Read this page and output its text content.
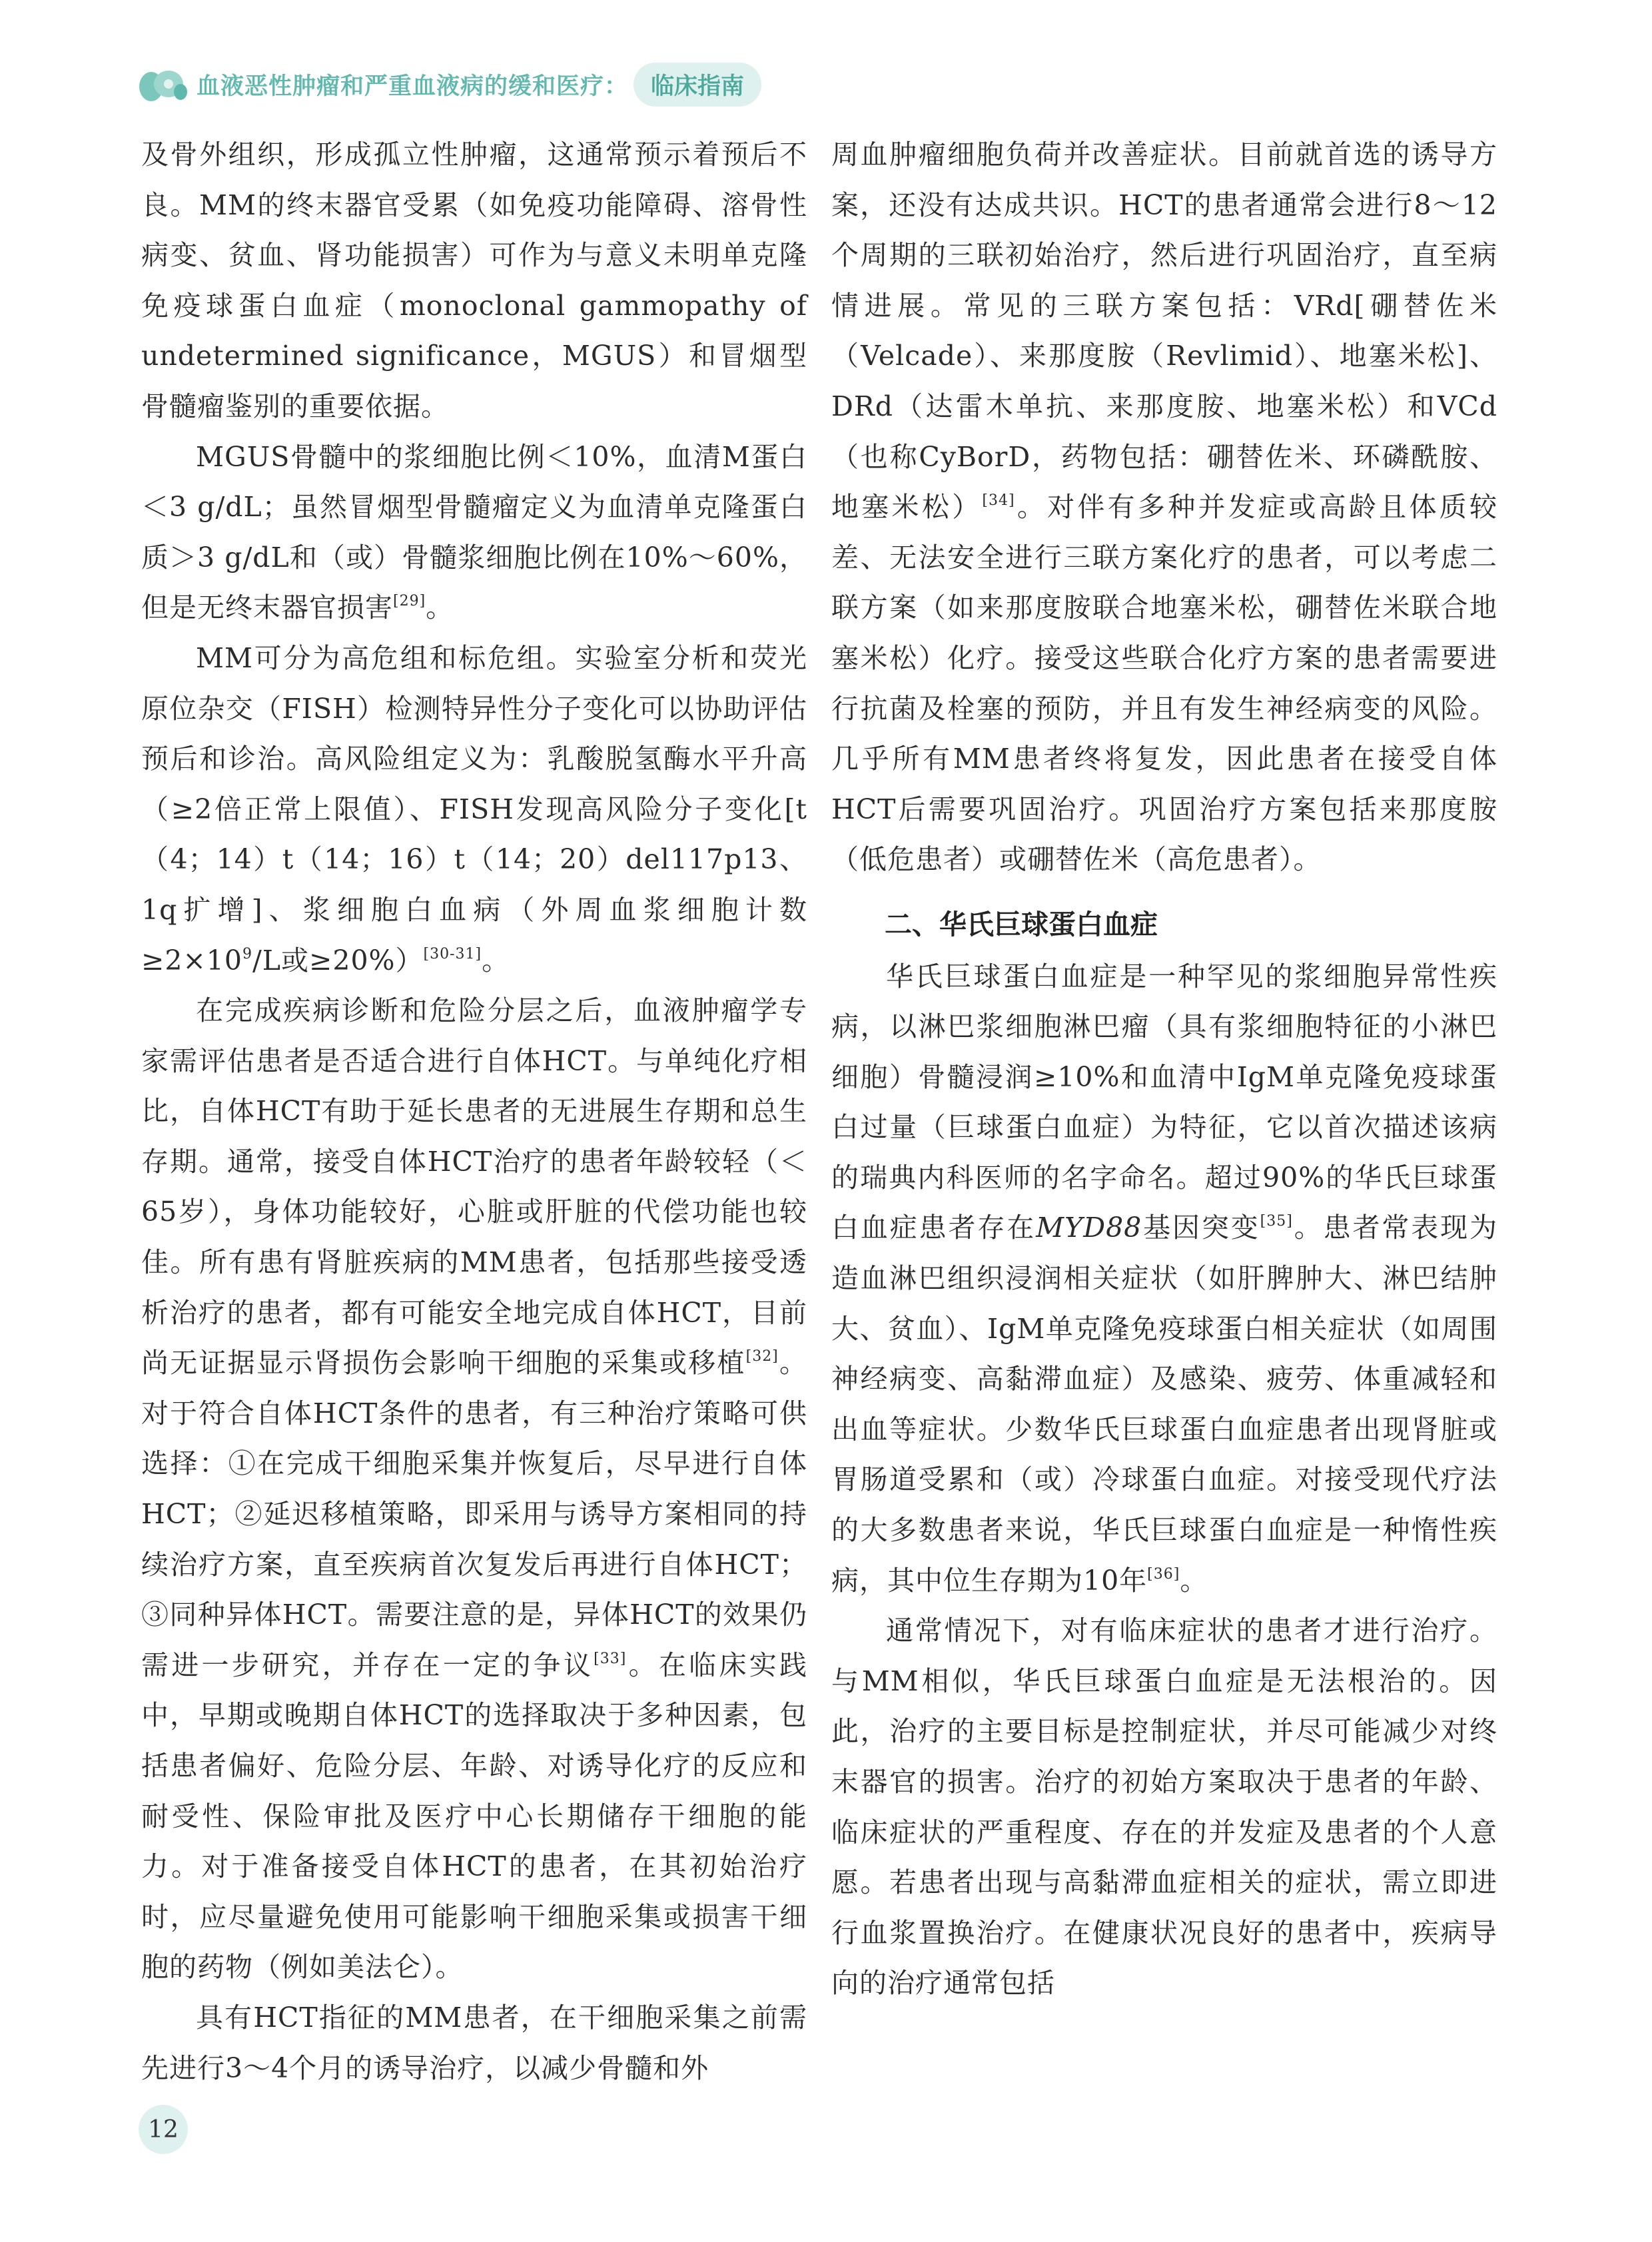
血液恶性肿瘤和严重血液病的缓和医疗： 临床指南

及骨外组织，形成孤立性肿瘤，这通常预示着预后不良。MM的终末器官受累（如免疫功能障碍、溶骨性病变、贫血、肾功能损害）可作为与意义未明单克隆免疫球蛋白血症（monoclonal gammopathy of undetermined significance，MGUS）和冒烟型骨髓瘤鉴别的重要依据。

MGUS骨髓中的浆细胞比例＜10%，血清M蛋白＜3 g/dL；虽然冒烟型骨髓瘤定义为血清单克隆蛋白质＞3 g/dL和（或）骨髓浆细胞比例在10%～60%，但是无终末器官损害[29]。

MM可分为高危组和标危组。实验室分析和荧光原位杂交（FISH）检测特异性分子变化可以协助评估预后和诊治。高风险组定义为：乳酸脱氢酶水平升高（≥2倍正常上限值）、FISH发现高风险分子变化[t（4；14）t（14；16）t（14；20）del117p13、1q扩增]、浆细胞白血病（外周血浆细胞计数$\ge 2\times 10^9/L$或≥20%）[30-31]。

在完成疾病诊断和危险分层之后，血液肿瘤学专家需评估患者是否适合进行自体HCT。与单纯化疗相比，自体HCT有助于延长患者的无进展生存期和总生存期。通常，接受自体HCT治疗的患者年龄较轻（＜65岁），身体功能较好，心脏或肝脏的代偿功能也较佳。所有患有肾脏疾病的MM患者，包括那些接受透析治疗的患者，都有可能安全地完成自体HCT，目前尚无证据显示肾损伤会影响干细胞的采集或移植[32]。对于符合自体HCT条件的患者，有三种治疗策略可供选择：①在完成干细胞采集并恢复后，尽早进行自体HCT；②延迟移植策略，即采用与诱导方案相同的持续治疗方案，直至疾病首次复发后再进行自体HCT；③同种异体HCT。需要注意的是，异体HCT的效果仍需进一步研究，并存在一定的争议[33]。在临床实践中，早期或晚期自体HCT的选择取决于多种因素，包括患者偏好、危险分层、年龄、对诱导化疗的反应和耐受性、保险审批及医疗中心长期储存干细胞的能力。对于准备接受自体HCT的患者，在其初始治疗时，应尽量避免使用可能影响干细胞采集或损害干细胞的药物（例如美法仑）。

具有HCT指征的MM患者，在干细胞采集之前需先进行3～4个月的诱导治疗，以减少骨髓和外

周血肿瘤细胞负荷并改善症状。目前就首选的诱导方案，还没有达成共识。HCT的患者通常会进行8～12个周期的三联初始治疗，然后进行巩固治疗，直至病情进展。常见的三联方案包括：VRd[硼替佐米（Velcade）、来那度胺（Revlimid）、地塞米松]、DRd（达雷木单抗、来那度胺、地塞米松）和VCd（也称CyBorD，药物包括：硼替佐米、环磷酰胺、地塞米松）[34]。对伴有多种并发症或高龄且体质较差、无法安全进行三联方案化疗的患者，可以考虑二联方案（如来那度胺联合地塞米松，硼替佐米联合地塞米松）化疗。接受这些联合化疗方案的患者需要进行抗菌及栓塞的预防，并且有发生神经病变的风险。几乎所有MM患者终将复发，因此患者在接受自体HCT后需要巩固治疗。巩固治疗方案包括来那度胺（低危患者）或硼替佐米（高危患者）。

二、华氏巨球蛋白血症

华氏巨球蛋白血症是一种罕见的浆细胞异常性疾病，以淋巴浆细胞淋巴瘤（具有浆细胞特征的小淋巴细胞）骨髓浸润≥10%和血清中IgM单克隆免疫球蛋白过量（巨球蛋白血症）为特征，它以首次描述该病的瑞典内科医师的名字命名。超过90%的华氏巨球蛋白血症患者存在MYD88基因突变[35]。患者常表现为造血淋巴组织浸润相关症状（如肝脾肿大、淋巴结肿大、贫血）、IgM单克隆免疫球蛋白相关症状（如周围神经病变、高黏滞血症）及感染、疲劳、体重减轻和出血等症状。少数华氏巨球蛋白血症患者出现肾脏或胃肠道受累和（或）冷球蛋白血症。对接受现代疗法的大多数患者来说，华氏巨球蛋白血症是一种惰性疾病，其中位生存期为10年[36]。

通常情况下，对有临床症状的患者才进行治疗。与MM相似，华氏巨球蛋白血症是无法根治的。因此，治疗的主要目标是控制症状，并尽可能减少对终末器官的损害。治疗的初始方案取决于患者的年龄、临床症状的严重程度、存在的并发症及患者的个人意愿。若患者出现与高黏滞血症相关的症状，需立即进行血浆置换治疗。在健康状况良好的患者中，疾病导向的治疗通常包括

12
